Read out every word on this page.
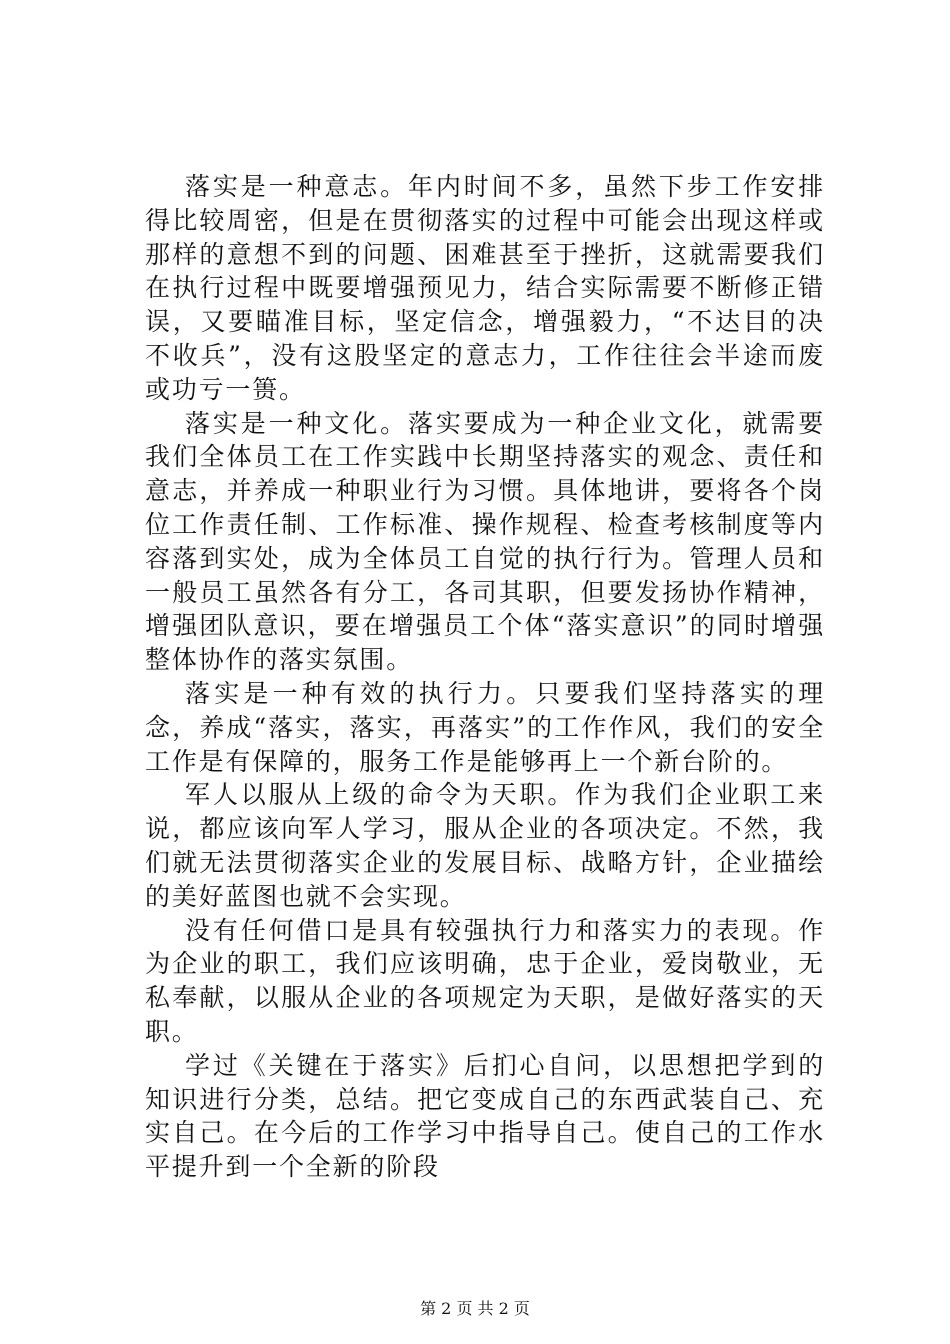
落实是一种意志。年内时间不多，虽然下步工作安排得比较周密，但是在贯彻落实的过程中可能会出现这样或那样的意想不到的问题、困难甚至于挫折，这就需要我们在执行过程中既要增强预见力，结合实际需要不断修正错误，又要瞄准目标，坚定信念，增强毅力，“不达目的决不收兵”，没有这股坚定的意志力，工作往往会半途而废或功亏一篑。

落实是一种文化。落实要成为一种企业文化，就需要我们全体员工在工作实践中长期坚持落实的观念、责任和意志，并养成一种职业行为习惯。具体地讲，要将各个岗位工作责任制、工作标准、操作规程、检查考核制度等内容落到实处，成为全体员工自觉的执行行为。管理人员和一般员工虽然各有分工，各司其职，但要发扬协作精神，增强团队意识，要在增强员工个体“落实意识”的同时增强整体协作的落实氛围。

落实是一种有效的执行力。只要我们坚持落实的理念，养成“落实，落实，再落实”的工作作风，我们的安全工作是有保障的，服务工作是能够再上一个新台阶的。

军人以服从上级的命令为天职。作为我们企业职工来说，都应该向军人学习，服从企业的各项决定。不然，我们就无法贯彻落实企业的发展目标、战略方针，企业描绘的美好蓝图也就不会实现。

没有任何借口是具有较强执行力和落实力的表现。作为企业的职工，我们应该明确，忠于企业，爱岗敬业，无私奉献，以服从企业的各项规定为天职，是做好落实的天职。

学过《关键在于落实》后扪心自问，以思想把学到的知识进行分类，总结。把它变成自己的东西武装自己、充实自己。在今后的工作学习中指导自己。使自己的工作水平提升到一个全新的阶段

第 2 页 共 2 页
